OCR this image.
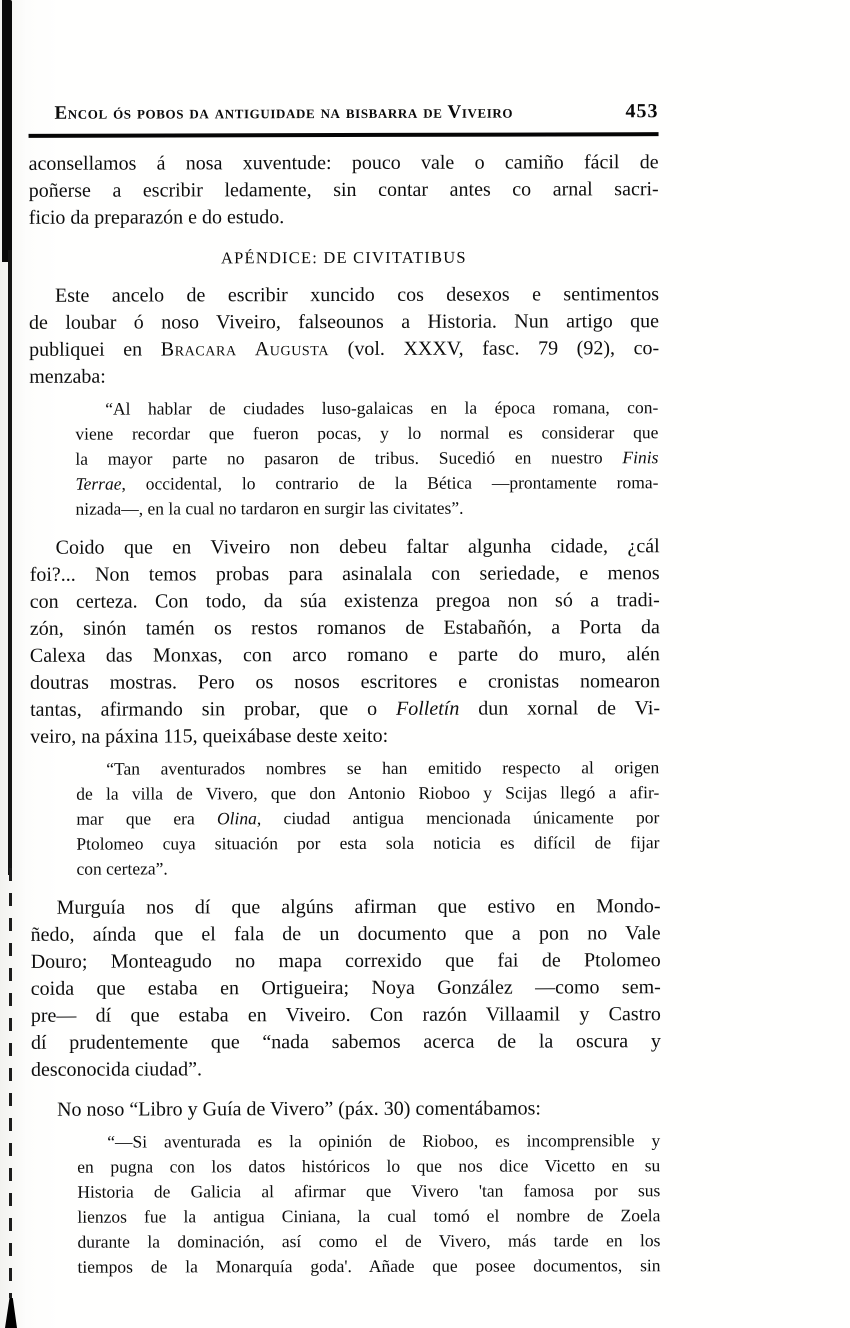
Encol ós pobos da antiguidade na bisbarra de Viveiro	453
aconsellamos á nosa xuventude: pouco vale o camiño fácil de
poñerse a escribir ledamente, sin contar antes co arnal sacri-
ficio da preparazón e do estudo.
APÉNDICE: DE CIVITATIBUS
Este ancelo de escribir xuncido cos desexos e sentimentos
de loubar ó noso Viveiro, falseounos a Historia. Nun artigo que
publiquei en Bracara Augusta (vol. XXXV, fasc. 79 (92), co-
menzaba:
“Al hablar de ciudades luso-galaicas en la época romana, con-
viene recordar que fueron pocas, y lo normal es considerar que
la mayor parte no pasaron de tribus. Sucedió en nuestro Finis
Terrae, occidental, lo contrario de la Bética —prontamente roma-
nizada—, en la cual no tardaron en surgir las civitates”.
Coido que en Viveiro non debeu faltar algunha cidade, ¿cál
foi?... Non temos probas para asinalala con seriedade, e menos
con certeza. Con todo, da súa existenza pregoa non só a tradi-
zón, sinón tamén os restos romanos de Estabañón, a Porta da
Calexa das Monxas, con arco romano e parte do muro, alén
doutras mostras. Pero os nosos escritores e cronistas nomearon
tantas, afirmando sin probar, que o Folletín dun xornal de Vi-
veiro, na páxina 115, queixábase deste xeito:
“Tan aventurados nombres se han emitido respecto al origen
de la villa de Vivero, que don Antonio Rioboo y Scijas llegó a afir-
mar que era Olina, ciudad antigua mencionada únicamente por
Ptolomeo cuya situación por esta sola noticia es difícil de fijar
con certeza”.
Murguía nos dí que algúns afirman que estivo en Mondo-
ñedo, aínda que el fala de un documento que a pon no Vale
Douro; Monteagudo no mapa correxido que fai de Ptolomeo
coida que estaba en Ortigueira; Noya González —como sem-
pre— dí que estaba en Viveiro. Con razón Villaamil y Castro
dí prudentemente que “nada sabemos acerca de la oscura y
desconocida ciudad”.
No noso “Libro y Guía de Vivero” (páx. 30) comentábamos:
“—Si aventurada es la opinión de Rioboo, es incomprensible y
en pugna con los datos históricos lo que nos dice Vicetto en su
Historia de Galicia al afirmar que Vivero 'tan famosa por sus
lienzos fue la antigua Ciniana, la cual tomó el nombre de Zoela
durante la dominación, así como el de Vivero, más tarde en los
tiempos de la Monarquía goda'. Añade que posee documentos, sin
